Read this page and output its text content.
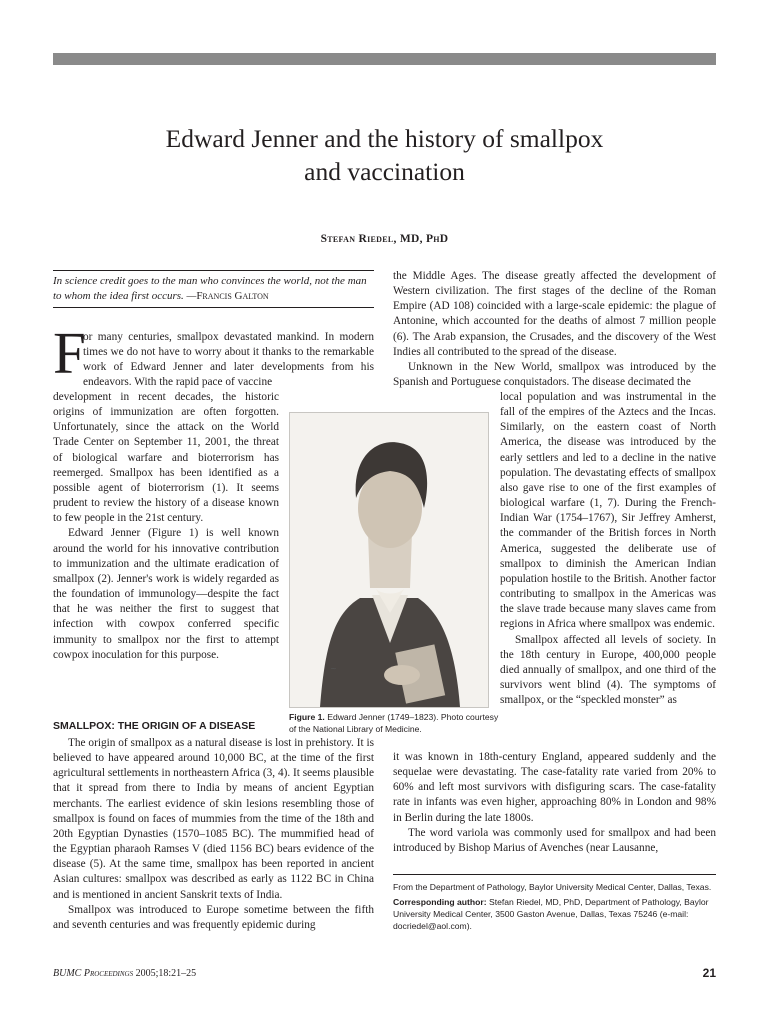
Edward Jenner and the history of smallpox
and vaccination
Stefan Riedel, MD, PhD
In science credit goes to the man who convinces the world, not the man to whom the idea first occurs. —Francis Galton
F
or many centuries, smallpox devastated mankind. In modern times we do not have to worry about it thanks to the remarkable work of Edward Jenner and later developments from his endeavors. With the rapid pace of vaccine

development in recent decades, the historic origins of immunization are often forgotten. Unfortunately, since the attack on the World Trade Center on September 11, 2001, the threat of biological warfare and bioterrorism has reemerged. Smallpox has been identified as a possible agent of bioterrorism (1). It seems prudent to review the history of a disease known to few people in the 21st century.

Edward Jenner (Figure 1) is well known around the world for his innovative contribution to immunization and the ultimate eradication of smallpox (2). Jenner's work is widely regarded as the foundation of immunology—despite the fact that he was neither the first to suggest that infection with cowpox conferred specific immunity to smallpox nor the first to attempt cowpox inoculation for this purpose.

SMALLPOX: THE ORIGIN OF A DISEASE

The origin of smallpox as a natural disease is lost in prehistory. It is believed to have appeared around 10,000 BC, at the time of the first agricultural settlements in northeastern Africa (3, 4). It seems plausible that it spread from there to India by means of ancient Egyptian merchants. The earliest evidence of skin lesions resembling those of smallpox is found on faces of mummies from the time of the 18th and 20th Egyptian Dynasties (1570–1085 BC). The mummified head of the Egyptian pharaoh Ramses V (died 1156 BC) bears evidence of the disease (5). At the same time, smallpox has been reported in ancient Asian cultures: smallpox was described as early as 1122 BC in China and is mentioned in ancient Sanskrit texts of India.

Smallpox was introduced to Europe sometime between the fifth and seventh centuries and was frequently epidemic during

~
Figure 1. Edward Jenner (1749–1823). Photo courtesy of the National Library of Medicine.

the Middle Ages. The disease greatly affected the development of Western civilization. The first stages of the decline of the Roman Empire (AD 108) coincided with a large-scale epidemic: the plague of Antonine, which accounted for the deaths of almost 7 million people (6). The Arab expansion, the Crusades, and the discovery of the West Indies all contributed to the spread of the disease.

Unknown in the New World, smallpox was introduced by the Spanish and Portuguese conquistadors. The disease decimated the

local population and was instrumental in the fall of the empires of the Aztecs and the Incas. Similarly, on the eastern coast of North America, the disease was introduced by the early settlers and led to a decline in the native population. The devastating effects of smallpox also gave rise to one of the first examples of biological warfare (1, 7). During the French-Indian War (1754–1767), Sir Jeffrey Amherst, the commander of the British forces in North America, suggested the deliberate use of smallpox to diminish the American Indian population hostile to the British. Another factor contributing to smallpox in the Americas was the slave trade because many slaves came from regions in Africa where smallpox was endemic.

Smallpox affected all levels of society. In the 18th century in Europe, 400,000 people died annually of smallpox, and one third of the survivors went blind (4). The symptoms of smallpox, or the “speckled monster” as

it was known in 18th-century England, appeared suddenly and the sequelae were devastating. The case-fatality rate varied from 20% to 60% and left most survivors with disfiguring scars. The case-fatality rate in infants was even higher, approaching 80% in London and 98% in Berlin during the late 1800s.

The word variola was commonly used for smallpox and had been introduced by Bishop Marius of Avenches (near Lausanne,

From the Department of Pathology, Baylor University Medical Center, Dallas, Texas.

Corresponding author: Stefan Riedel, MD, PhD, Department of Pathology, Baylor University Medical Center, 3500 Gaston Avenue, Dallas, Texas 75246 (e-mail: docriedel@aol.com).

BUMC Proceedings 2005;18:21–25	21
